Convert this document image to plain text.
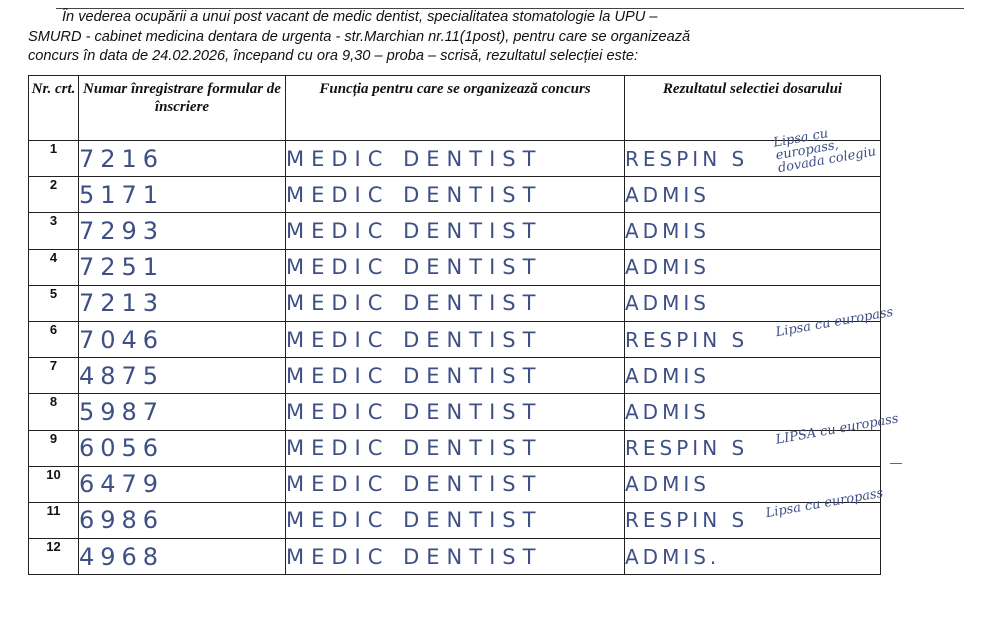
În vederea ocupării a unui post vacant de medic dentist, specialitatea stomatologie la UPU –
SMURD - cabinet medicina dentara de urgenta - str.Marchian nr.11(1post), pentru care se organizează
concurs în data de 24.02.2026, începand cu ora 9,30 – proba – scrisă, rezultatul selecției este:
Nr. crt.	Numar înregistrare formular de înscriere	Funcția pentru care se organizează concurs	Rezultatul selectiei dosarului
1	7216	MEDIC DENTIST	RESPIN S
Lipsa cu europass, dovada colegiu

2	5171	MEDIC DENTIST	ADMIS
3	7293	MEDIC DENTIST	ADMIS
4	7251	MEDIC DENTIST	ADMIS
5	7213	MEDIC DENTIST	ADMIS
6	7046	MEDIC DENTIST	RESPIN S Lipsa cu europass

7	4875	MEDIC DENTIST	ADMIS
8	5987	MEDIC DENTIST	ADMIS
9	6056	MEDIC DENTIST	RESPIN S
LIPSA cu europass

10	6479	MEDIC DENTIST	ADMIS
11	6986	MEDIC DENTIST	RESPIN S Lipsa cu europass

12	4968	MEDIC DENTIST	ADMIS.
